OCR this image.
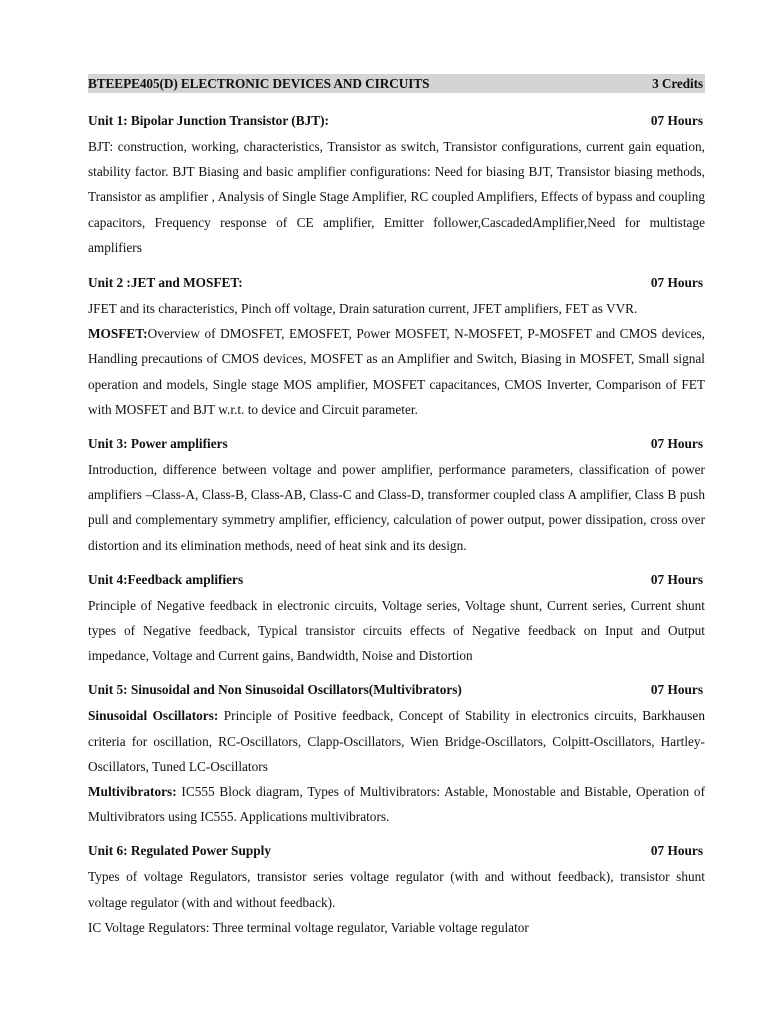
BTEEPE405(D) ELECTRONIC DEVICES AND CIRCUITS	3 Credits
Unit 1: Bipolar Junction Transistor (BJT):	07 Hours

BJT: construction, working, characteristics, Transistor as switch, Transistor configurations, current gain equation, stability factor. BJT Biasing and basic amplifier configurations: Need for biasing BJT, Transistor biasing methods, Transistor as amplifier , Analysis of Single Stage Amplifier, RC coupled Amplifiers, Effects of bypass and coupling capacitors, Frequency response of CE amplifier, Emitter follower,CascadedAmplifier,Need for multistage amplifiers

Unit 2 :JET and MOSFET:	07 Hours

JFET and its characteristics, Pinch off voltage, Drain saturation current, JFET amplifiers, FET as VVR.

MOSFET:Overview of DMOSFET, EMOSFET, Power MOSFET, N-MOSFET, P-MOSFET and CMOS devices, Handling precautions of CMOS devices, MOSFET as an Amplifier and Switch, Biasing in MOSFET, Small signal operation and models, Single stage MOS amplifier, MOSFET capacitances, CMOS Inverter, Comparison of FET with MOSFET and BJT w.r.t. to device and Circuit parameter.

Unit 3: Power amplifiers	07 Hours

Introduction, difference between voltage and power amplifier, performance parameters, classification of power amplifiers –Class-A, Class-B, Class-AB, Class-C and Class-D, transformer coupled class A amplifier, Class B push pull and complementary symmetry amplifier, efficiency, calculation of power output, power dissipation, cross over distortion and its elimination methods, need of heat sink and its design.

Unit 4:Feedback amplifiers	07 Hours

Principle of Negative feedback in electronic circuits, Voltage series, Voltage shunt, Current series, Current shunt types of Negative feedback, Typical transistor circuits effects of Negative feedback on Input and Output impedance, Voltage and Current gains, Bandwidth, Noise and Distortion

Unit 5: Sinusoidal and Non Sinusoidal Oscillators(Multivibrators)	07 Hours

Sinusoidal Oscillators: Principle of Positive feedback, Concept of Stability in electronics circuits, Barkhausen criteria for oscillation, RC-Oscillators, Clapp-Oscillators, Wien Bridge-Oscillators, Colpitt-Oscillators, Hartley- Oscillators, Tuned LC-Oscillators

Multivibrators: IC555 Block diagram, Types of Multivibrators: Astable, Monostable and Bistable, Operation of Multivibrators using IC555. Applications multivibrators.

Unit 6: Regulated Power Supply	07 Hours

Types of voltage Regulators, transistor series voltage regulator (with and without feedback), transistor shunt voltage regulator (with and without feedback).

IC Voltage Regulators: Three terminal voltage regulator, Variable voltage regulator
